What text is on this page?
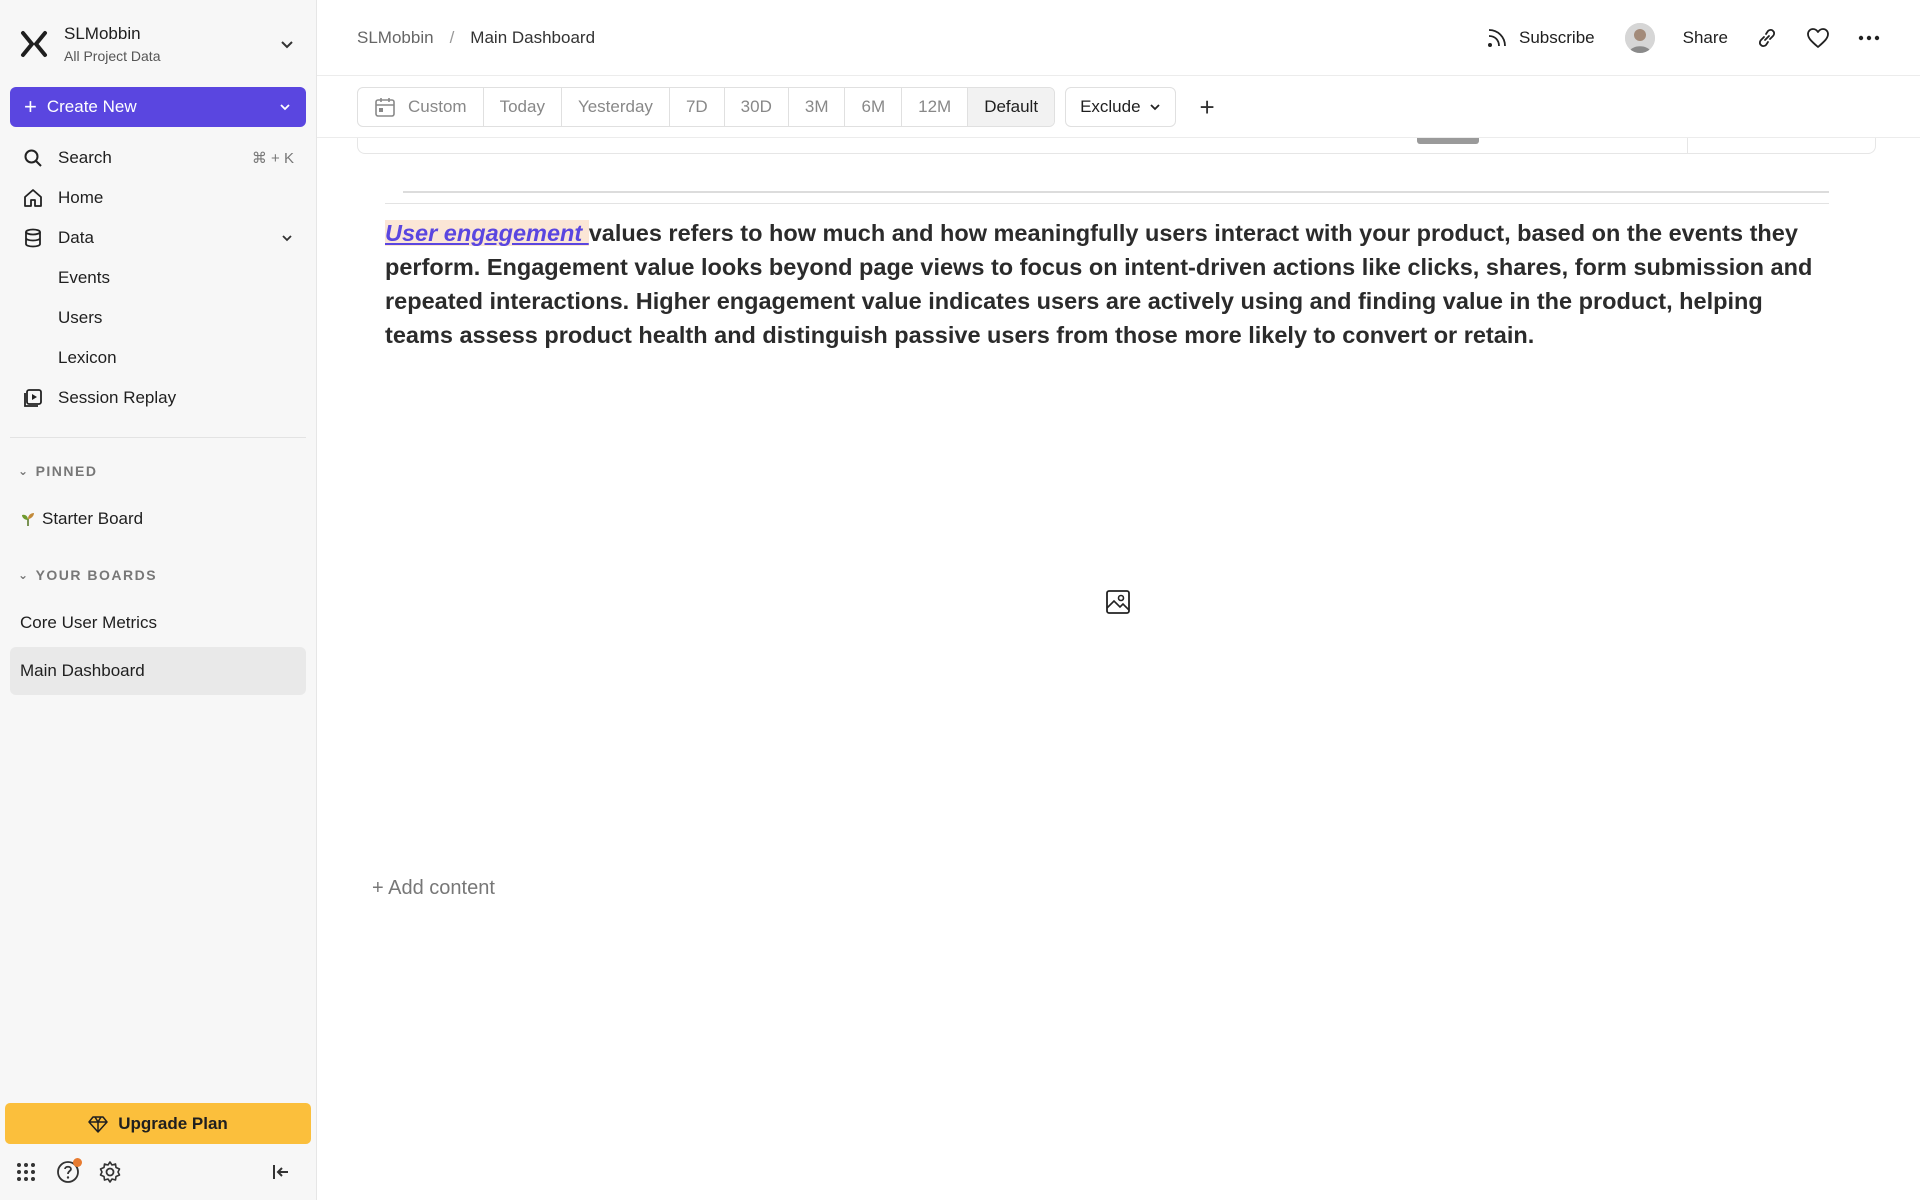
SLMobbin
All Project Data
+ Create New
Search	⌘ + K
Home
Data
Events
Users
Lexicon
Session Replay
⌄ PINNED
Starter Board
⌄ YOUR BOARDS
Core User Metrics
Main Dashboard
Upgrade Plan
SLMobbin / Main Dashboard	Subscribe	Share
Custom	Today	Yesterday	7D	30D	3M	6M	12M	Default	Exclude +
User engagement values refers to how much and how meaningfully users interact with your product, based on the events they perform. Engagement value looks beyond page views to focus on intent-driven actions like clicks, shares, form submission and repeated interactions. Higher engagement value indicates users are actively using and finding value in the product, helping teams assess product health and distinguish passive users from those more likely to convert or retain.
+ Add content
